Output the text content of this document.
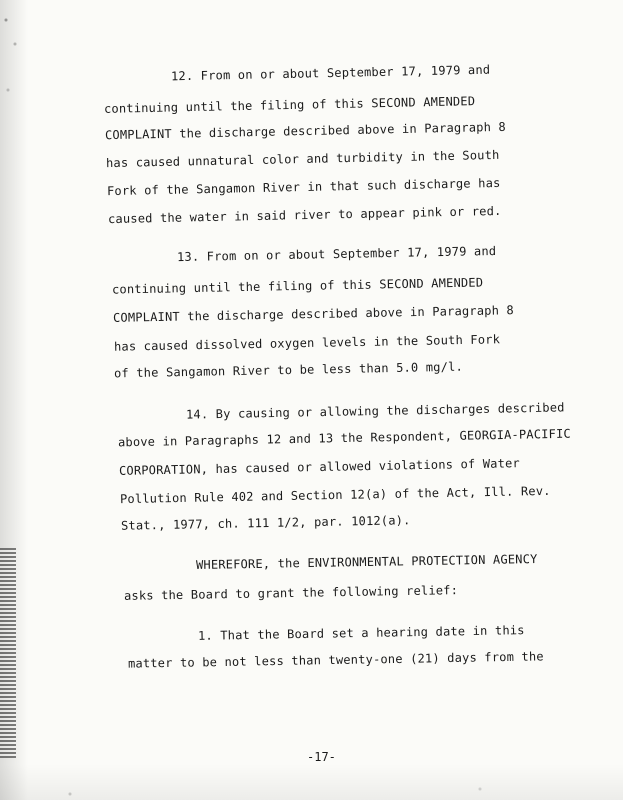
12. From on or about September 17, 1979 and
continuing until the filing of this SECOND AMENDED
COMPLAINT the discharge described above in Paragraph 8
has caused unnatural color and turbidity in the South
Fork of the Sangamon River in that such discharge has
caused the water in said river to appear pink or red.
13. From on or about September 17, 1979 and
continuing until the filing of this SECOND AMENDED
COMPLAINT the discharge described above in Paragraph 8
has caused dissolved oxygen levels in the South Fork
of the Sangamon River to be less than 5.0 mg/l.
14. By causing or allowing the discharges described
above in Paragraphs 12 and 13 the Respondent, GEORGIA-PACIFIC
CORPORATION, has caused or allowed violations of Water
Pollution Rule 402 and Section 12(a) of the Act, Ill. Rev.
Stat., 1977, ch. 111 1/2, par. 1012(a).
WHEREFORE, the ENVIRONMENTAL PROTECTION AGENCY
asks the Board to grant the following relief:
1. That the Board set a hearing date in this
matter to be not less than twenty-one (21) days from the
-17-
